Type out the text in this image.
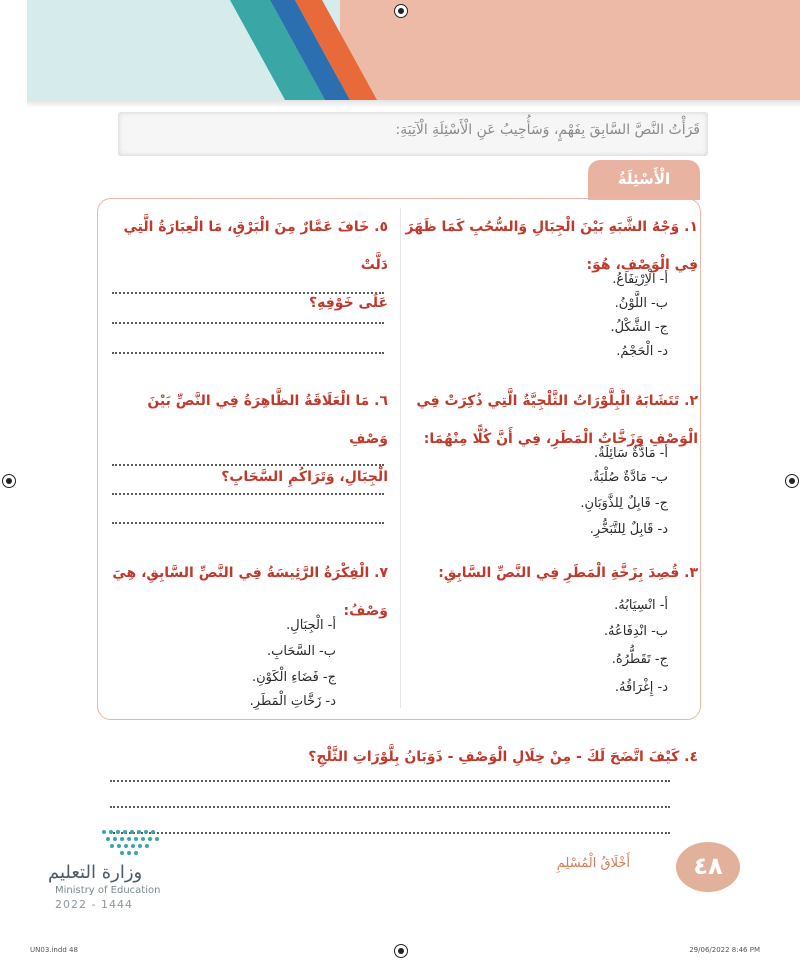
قَرَأْتُ النَّصَّ السَّابِقَ بِفَهْمٍ، وَسَأُجِيبُ عَنِ الْأَسْئِلَةِ الْآتِيَةِ:
الْأَسْئِلَةُ
١. وَجْهُ الشَّبَهِ بَيْنَ الْجِبَالِ وَالسُّحُبِ كَمَا ظَهَرَ
فِي الْوَصْفِ، هُوَ:
أ- الْاِرْتِفَاعُ.
ب- اللَّوْنُ.
ج- الشَّكْلُ.
د- الْحَجْمُ.
٢. تَتَشَابَهُ الْبِلَّوْرَاتُ الثَّلْجِيَّةُ الَّتِي ذُكِرَتْ فِي
الْوَصْفِ وَزَخَّاتُ الْمَطَرِ، فِي أَنَّ كُلًّا مِنْهُمَا:
أ- مَادَّةٌ سَائِلَةٌ.
ب- مَادَّةٌ صُلْبَةٌ.
ج- قَابِلٌ لِلذَّوَبَانِ.
د- قَابِلٌ لِلتَّبَخُّرِ.
٣. قُصِدَ بِزَخَّةِ الْمَطَرِ فِي النَّصِّ السَّابِقِ:
أ- انْسِيَابُهُ.
ب- انْدِفَاعُهُ.
ج- تَقَطُّرُهُ.
د- إِغْرَاقُهُ.
٥. خَافَ عَمَّارٌ مِنَ الْبَرْقِ، مَا الْعِبَارَةُ الَّتِي دَلَّتْ
عَلَى خَوْفِهِ؟
٦. مَا الْعَلَاقَةُ الظَّاهِرَةُ فِي النَّصِّ بَيْنَ وَصْفِ
الْجِبَالِ، وَتَرَاكُمِ السَّحَابِ؟
٧. الْفِكْرَةُ الرَّئِيسَةُ فِي النَّصِّ السَّابِقِ، هِيَ
وَصْفُ:
أ- الْجِبَالِ.
ب- السَّحَابِ.
ج- فَضَاءِ الْكَوْنِ.
د- زَخَّاتِ الْمَطَرِ.
٤. كَيْفَ اتَّضَحَ لَكَ - مِنْ خِلَالِ الْوَصْفِ - ذَوَبَانُ بِلَّوْرَاتِ الثَّلْجِ؟
٤٨
أَخْلَاقُ الْمُسْلِمِ
وزارة التعليم
Ministry of Education
2022 - 1444
UN03.indd 48	29/06/2022 8:46 PM
